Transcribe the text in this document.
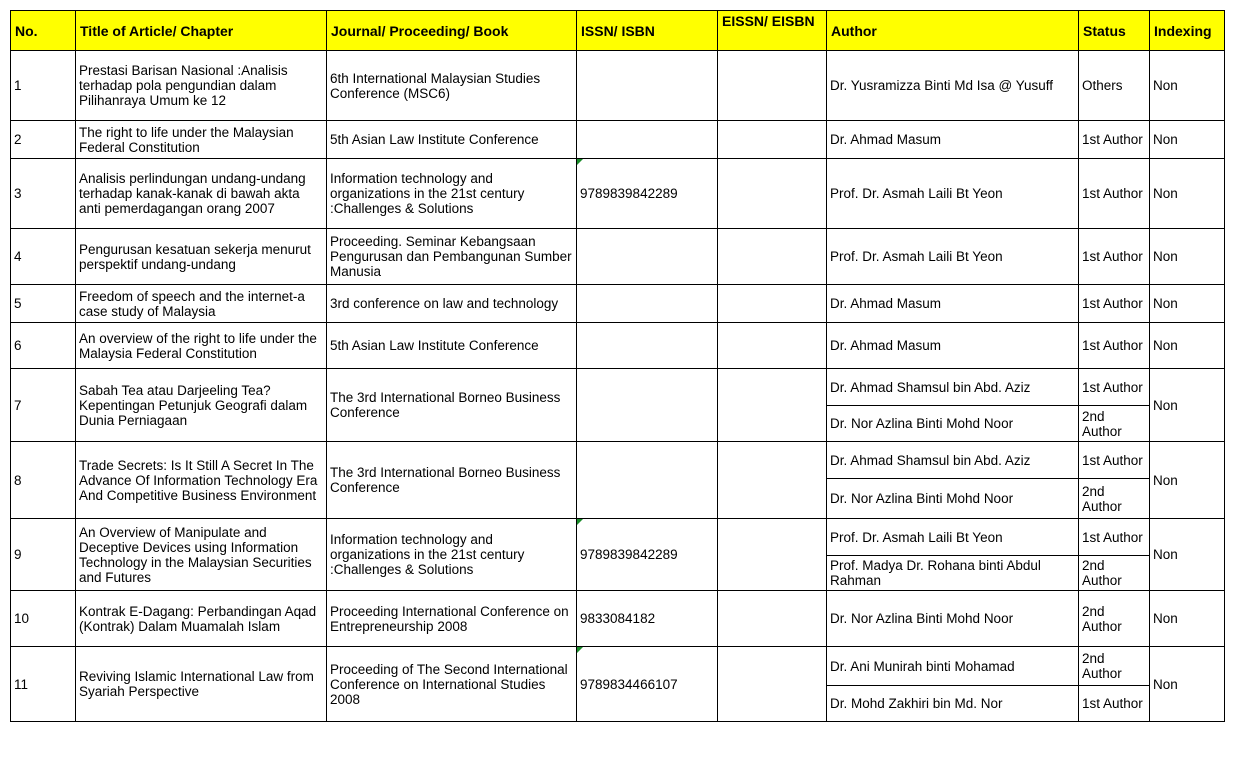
No.	Title of Article/ Chapter	Journal/ Proceeding/ Book	ISSN/ ISBN	EISSN/ EISBN	Author	Status	Indexing
1	Prestasi Barisan Nasional :Analisis terhadap pola pengundian dalam Pilihanraya Umum ke 12	6th International Malaysian Studies Conference (MSC6)			Dr. Yusramizza Binti Md Isa @ Yusuff	Others	Non
2	The right to life under the Malaysian Federal Constitution	5th Asian Law Institute Conference			Dr. Ahmad Masum	1st Author	Non
3	Analisis perlindungan undang-undang terhadap kanak-kanak di bawah akta anti pemerdagangan orang 2007	Information technology and organizations in the 21st century :Challenges & Solutions	9789839842289		Prof. Dr. Asmah Laili Bt Yeon	1st Author	Non
4	Pengurusan kesatuan sekerja menurut perspektif undang-undang	Proceeding. Seminar Kebangsaan Pengurusan dan Pembangunan Sumber Manusia			Prof. Dr. Asmah Laili Bt Yeon	1st Author	Non
5	Freedom of speech and the internet-a case study of Malaysia	3rd conference on law and technology			Dr. Ahmad Masum	1st Author	Non
6	An overview of the right to life under the Malaysia Federal Constitution	5th Asian Law Institute Conference			Dr. Ahmad Masum	1st Author	Non
7	Sabah Tea atau Darjeeling Tea? Kepentingan Petunjuk Geografi dalam Dunia Perniagaan	The 3rd International Borneo Business Conference			Dr. Ahmad Shamsul bin Abd. Aziz	1st Author	Non
					Dr. Nor Azlina Binti Mohd Noor	2nd Author	
8	Trade Secrets: Is It Still A Secret In The Advance Of Information Technology Era And Competitive Business Environment	The 3rd International Borneo Business Conference			Dr. Ahmad Shamsul bin Abd. Aziz	1st Author	Non
					Dr. Nor Azlina Binti Mohd Noor	2nd Author	
9	An Overview of Manipulate and Deceptive Devices using Information Technology in the Malaysian Securities and Futures	Information technology and organizations in the 21st century :Challenges & Solutions	9789839842289		Prof. Dr. Asmah Laili Bt Yeon	1st Author	Non
					Prof. Madya Dr. Rohana binti Abdul Rahman	2nd Author	
10	Kontrak E-Dagang: Perbandingan Aqad (Kontrak) Dalam Muamalah Islam	Proceeding International Conference on Entrepreneurship 2008	9833084182		Dr. Nor Azlina Binti Mohd Noor	2nd Author	Non
11	Reviving Islamic International Law from Syariah Perspective	Proceeding of The Second International Conference on International Studies 2008	9789834466107		Dr. Ani Munirah binti Mohamad	2nd Author	Non
					Dr. Mohd Zakhiri bin Md. Nor	1st Author	
